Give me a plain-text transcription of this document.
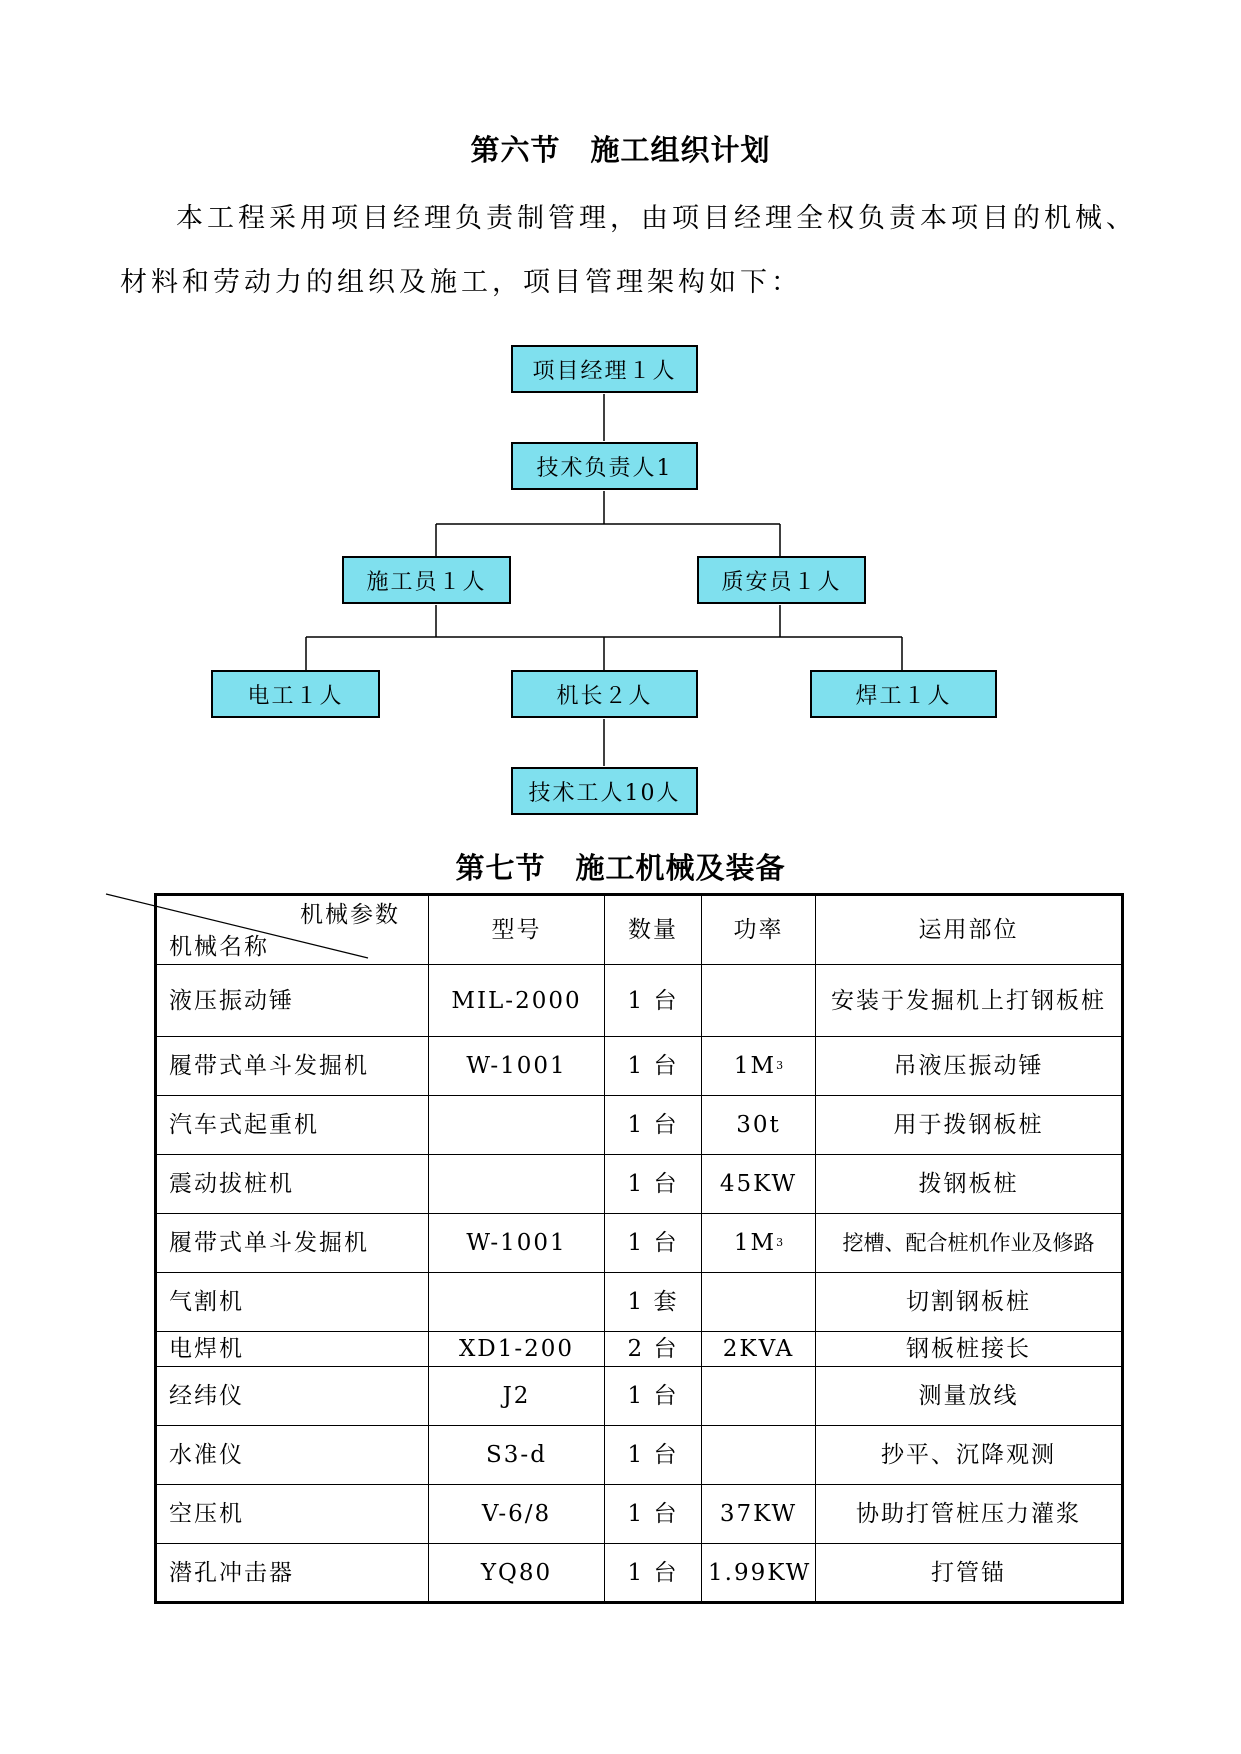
第六节 施工组织计划

本工程采用项目经理负责制管理，由项目经理全权负责本项目的机械、

材料和劳动力的组织及施工，项目管理架构如下：

项目经理１人
技术负责人1
施工员１人	质安员１人
电工１人	机长２人	焊工１人
技术工人10人
第七节 施工机械及装备
机械参数
机械名称	型号	数量	功率	运用部位
液压振动锤	MIL-2000	1 台		安装于发掘机上打钢板桩
履带式单斗发掘机	W-1001	1 台	$1M^3$	吊液压振动锤
汽车式起重机		1 台	30t	用于拨钢板桩
震动拔桩机		1 台	45KW	拨钢板桩
履带式单斗发掘机	W-1001	1 台	$1M^3$	挖槽、配合桩机作业及修路
气割机		1 套		切割钢板桩
电焊机	XD1-200	2 台	2KVA	钢板桩接长
经纬仪	J2	1 台		测量放线
水准仪	S3-d	1 台		抄平、沉降观测
空压机	V-6/8	1 台	37KW	协助打管桩压力灌浆
潜孔冲击器	YQ80	1 台	1.99KW	打管锚
